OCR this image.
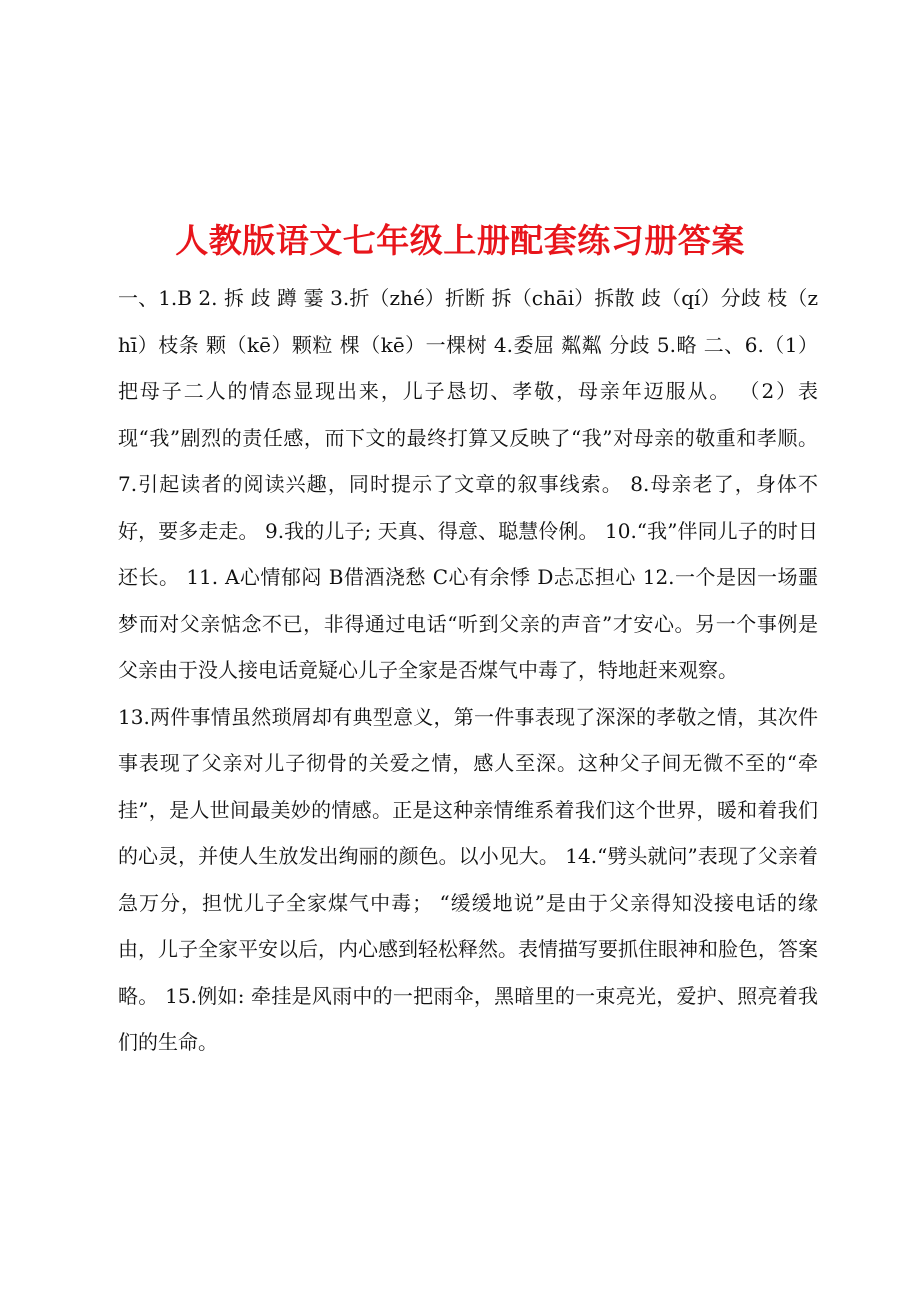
人教版语文七年级上册配套练习册答案

一、1.B 2. 拆 歧 蹲 霎 3.折（zhé）折断 拆（chāi）拆散 歧（qí）分歧 枝（zhī）枝条 颗（kē）颗粒 棵（kē）一棵树 4.委屈 粼粼 分歧 5.略 二、6.（1）把母子二人的情态显现出来，儿子恳切、孝敬，母亲年迈服从。 （2）表现“我”剧烈的责任感，而下文的最终打算又反映了“我”对母亲的敬重和孝顺。 7.引起读者的阅读兴趣，同时提示了文章的叙事线索。 8.母亲老了，身体不好，要多走走。 9.我的儿子; 天真、得意、聪慧伶俐。 10.“我”伴同儿子的时日还长。 11. A心情郁闷 B借酒浇愁 C心有余悸 D忐忑担心 12.一个是因一场噩梦而对父亲惦念不已，非得通过电话“听到父亲的声音”才安心。另一个事例是父亲由于没人接电话竟疑心儿子全家是否煤气中毒了，特地赶来观察。

13.两件事情虽然琐屑却有典型意义，第一件事表现了深深的孝敬之情，其次件事表现了父亲对儿子彻骨的关爱之情，感人至深。这种父子间无微不至的“牵挂”，是人世间最美妙的情感。正是这种亲情维系着我们这个世界，暖和着我们的心灵，并使人生放发出绚丽的颜色。以小见大。 14.“劈头就问”表现了父亲着急万分，担忧儿子全家煤气中毒； “缓缓地说”是由于父亲得知没接电话的缘由，儿子全家平安以后，内心感到轻松释然。表情描写要抓住眼神和脸色，答案略。 15.例如: 牵挂是风雨中的一把雨伞，黑暗里的一束亮光，爱护、照亮着我们的生命。
